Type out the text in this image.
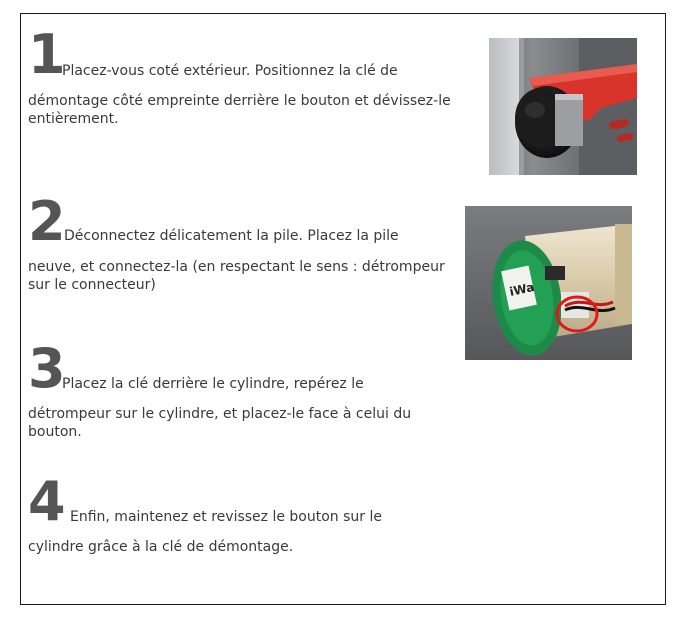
1
Placez-vous coté extérieur. Positionnez la clé de
démontage côté empreinte derrière le bouton et dévissez-le entièrement.
2
Déconnectez délicatement la pile. Placez la pile
neuve, et connectez-la (en respectant le sens : détrompeur sur le connecteur)
3
Placez la clé derrière le cylindre, repérez le
détrompeur sur le cylindre, et placez-le face à celui du bouton.
4 Enfin, maintenez et revissez le bouton sur le
cylindre grâce à la clé de démontage.
iWa
